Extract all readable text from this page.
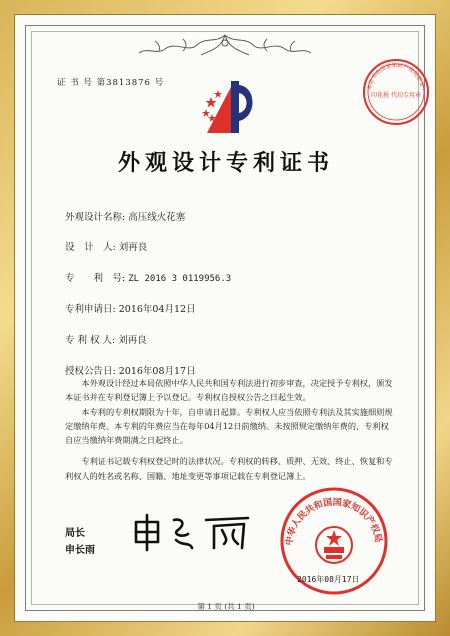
证 书 号 第3813876 号	本证书由国家知识产权局颁发
印花税 代扣专用章
外观设计专利证书
外观设计名称: 高压线火花塞
设　计　人: 刘再良
专　　利　号: ZL 2016 3 0119956.3
专利申请日: 2016年04月12日
专 利 权 人: 刘再良
授权公告日: 2016年08月17日

本外观设计经过本局依照中华人民共和国专利法进行初步审查，决定授予专利权，颁发本证书并在专利登记簿上予以登记。专利权自授权公告之日起生效。

本专利的专利权期限为十年，自申请日起算。专利权人应当依照专利法及其实施细则规定缴纳年费。本专利的年费应当在每年04月12日前缴纳。未按照规定缴纳年费的，专利权自应当缴纳年费期满之日起终止。

专利证书记载专利权登记时的法律状况。专利权的转移、质押、无效、终止、恢复和专利权人的姓名或名称、国籍、地址变更等事项记载在专利登记簿上。

局长
申长雨
中华人民共和国国家知识产权局
2016年08月17日
第 1 页 (共 1 页)
